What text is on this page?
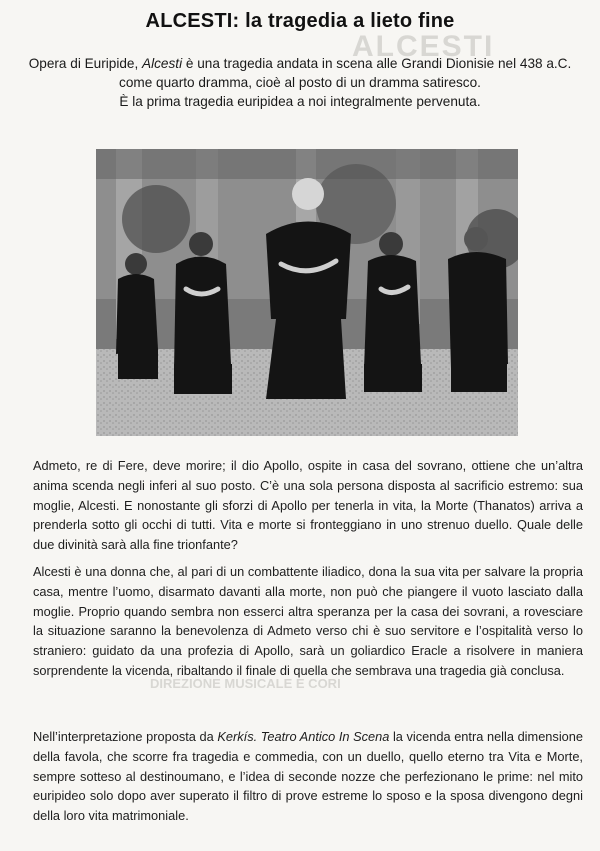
ALCESTI
ALCESTI: la tragedia a lieto fine

Opera di Euripide, Alcesti è una tragedia andata in scena alle Grandi Dionisie nel 438 a.C.

come quarto dramma, cioè al posto di un dramma satiresco.

È la prima tragedia euripidea a noi integralmente pervenuta.

Admeto, re di Fere, deve morire; il dio Apollo, ospite in casa del sovrano, ottiene che un’altra anima scenda negli inferi al suo posto. C’è una sola persona disposta al sacrificio estremo: sua moglie, Alcesti. E nonostante gli sforzi di Apollo per tenerla in vita, la Morte (Thanatos) arriva a prenderla sotto gli occhi di tutti. Vita e morte si fronteggiano in uno strenuo duello. Quale delle due divinità sarà alla fine trionfante?

Alcesti è una donna che, al pari di un combattente iliadico, dona la sua vita per salvare la propria casa, mentre l’uomo, disarmato davanti alla morte, non può che piangere il vuoto lasciato dalla moglie. Proprio quando sembra non esserci altra speranza per la casa dei sovrani, a rovesciare la situazione saranno la benevolenza di Admeto verso chi è suo servitore e l’ospitalità verso lo straniero: guidato da una profezia di Apollo, sarà un goliardico Eracle a risolvere in maniera sorprendente la vicenda, ribaltando il finale di quella che sembrava una tragedia già conclusa.

DIREZIONE MUSICALE E CORI

Nell’interpretazione proposta da Kerkís. Teatro Antico In Scena la vicenda entra nella dimensione della favola, che scorre fra tragedia e commedia, con un duello, quello eterno tra Vita e Morte, sempre sotteso al destinoumano, e l’idea di seconde nozze che perfezionano le prime: nel mito euripideo solo dopo aver superato il filtro di prove estreme lo sposo e la sposa divengono degni della loro vita matrimoniale.
